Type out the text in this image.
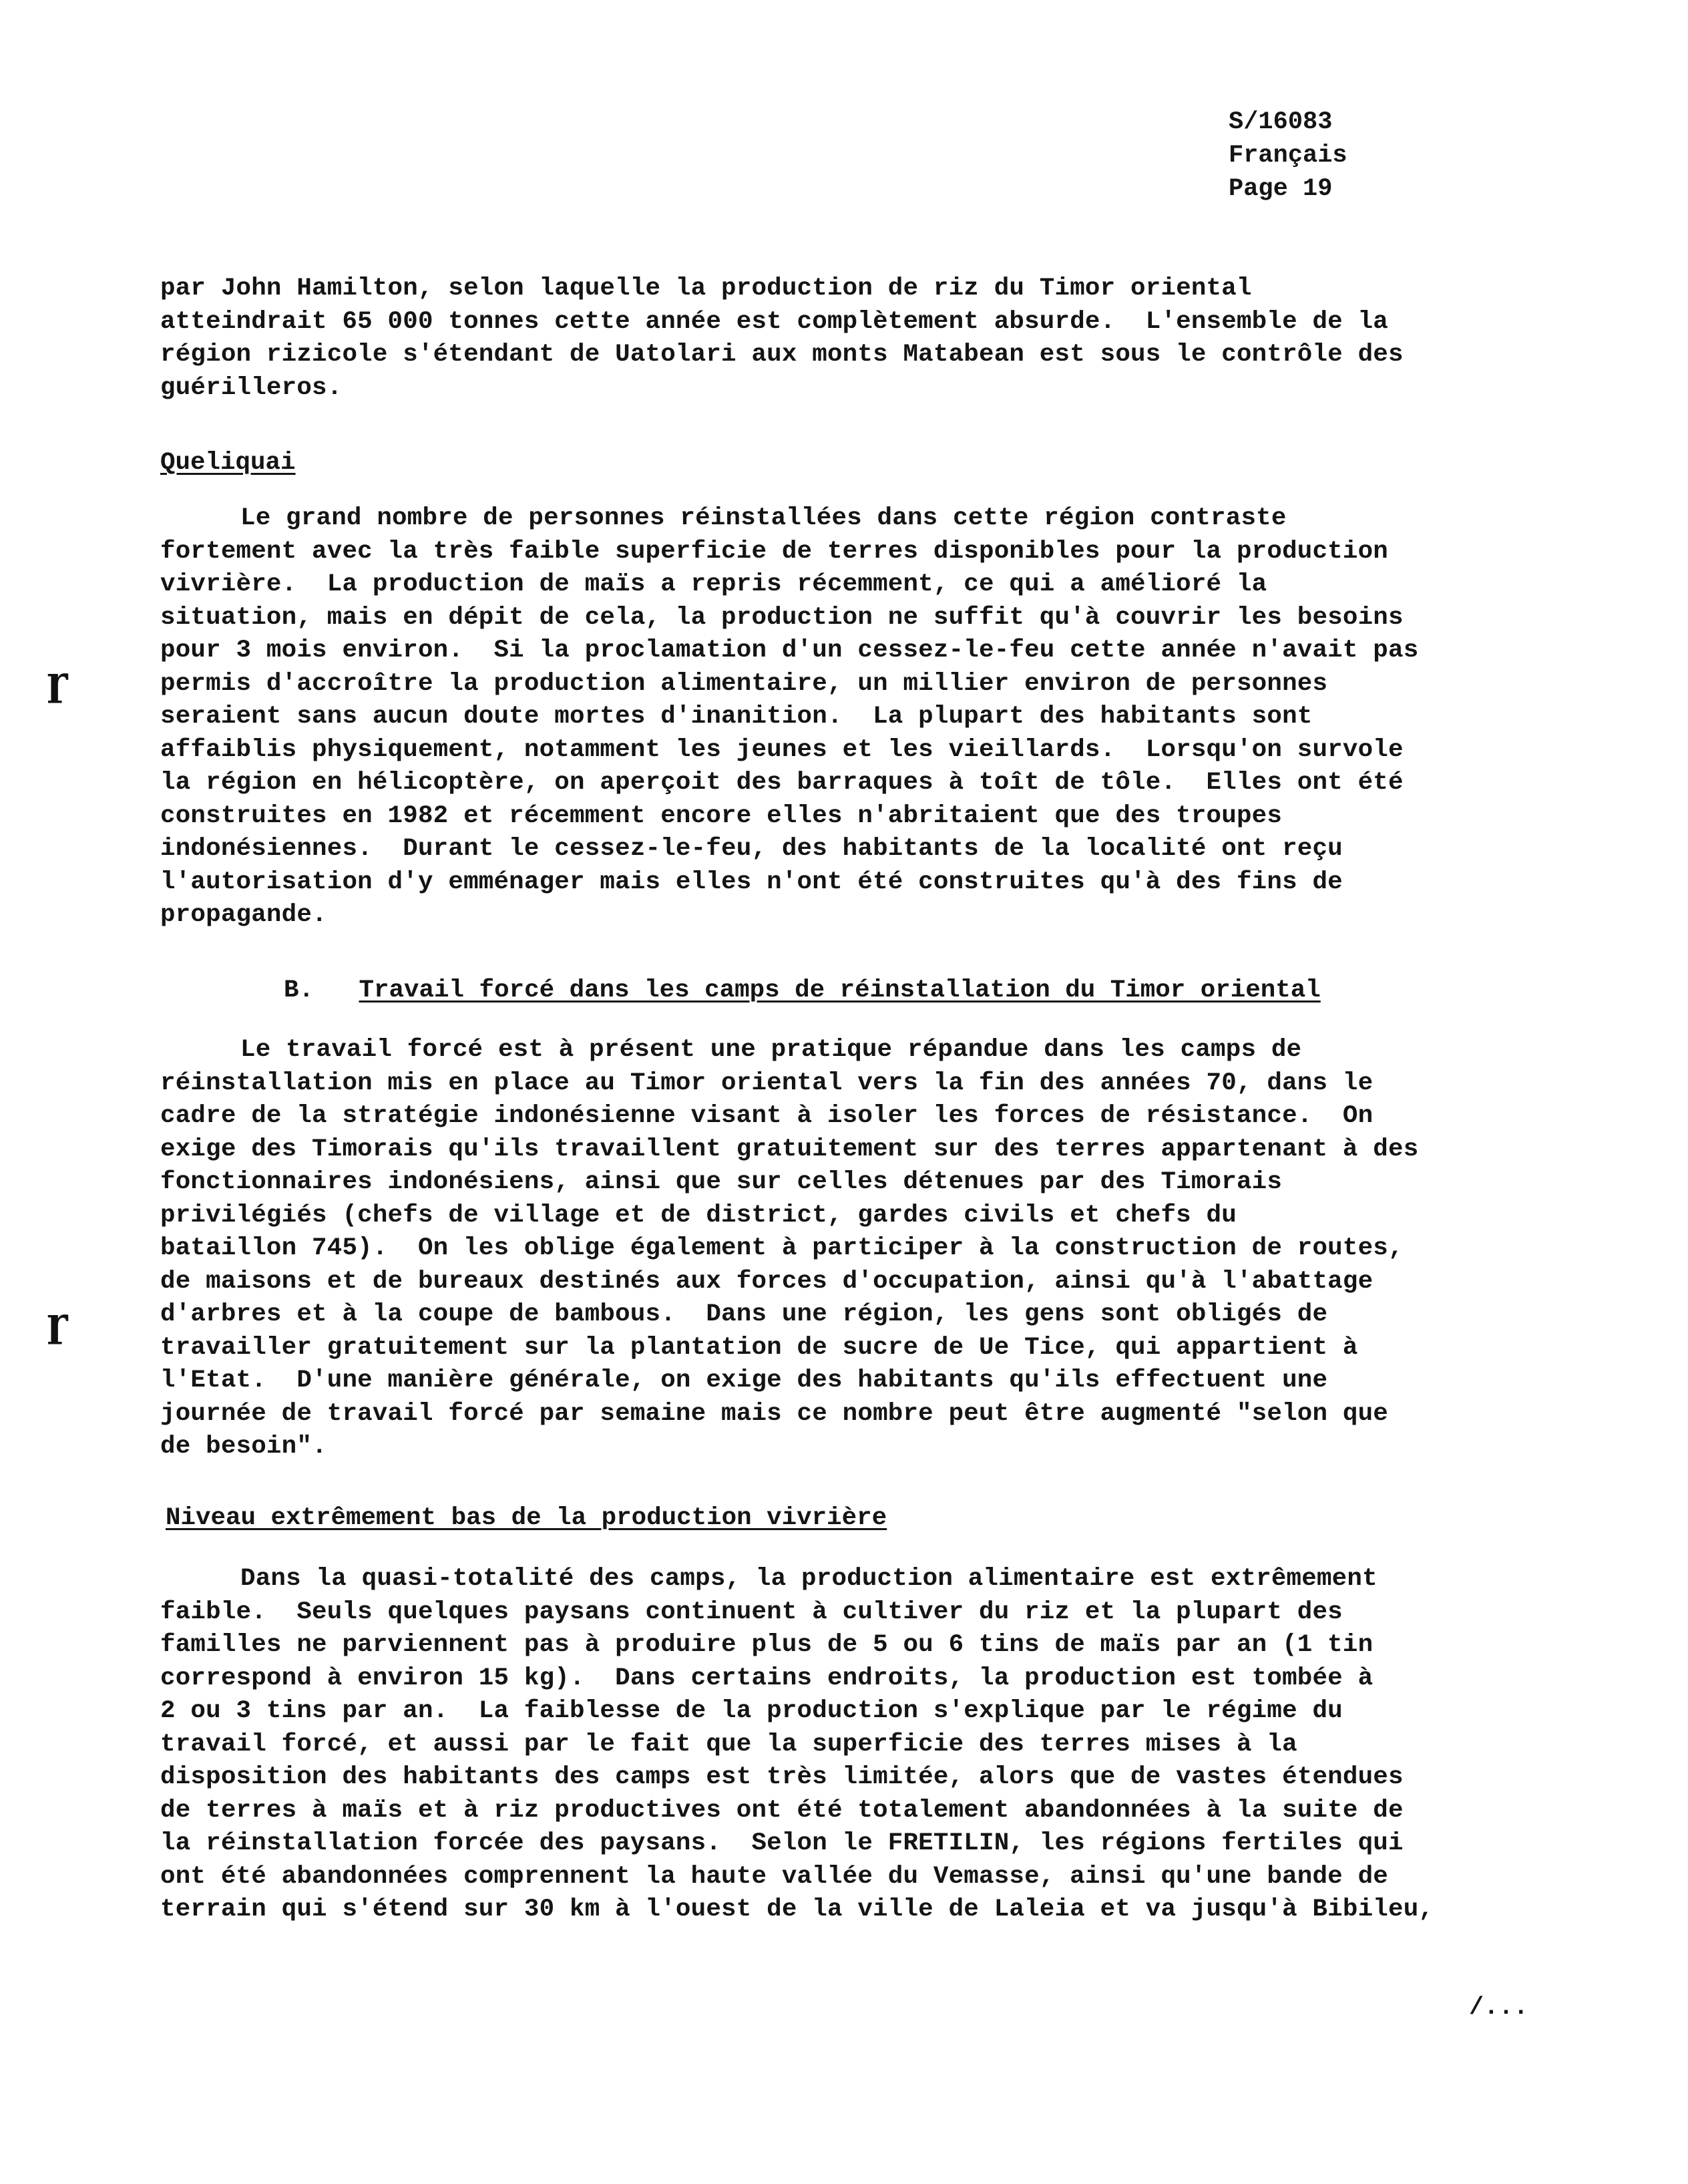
S/16083
Français
Page 19
par John Hamilton, selon laquelle la production de riz du Timor oriental
atteindrait 65 000 tonnes cette année est complètement absurde.  L'ensemble de la
région rizicole s'étendant de Uatolari aux monts Matabean est sous le contrôle des
guérilleros.
Queliquai
Le grand nombre de personnes réinstallées dans cette région contraste
fortement avec la très faible superficie de terres disponibles pour la production
vivrière.  La production de maïs a repris récemment, ce qui a amélioré la
situation, mais en dépit de cela, la production ne suffit qu'à couvrir les besoins
pour 3 mois environ.  Si la proclamation d'un cessez-le-feu cette année n'avait pas
permis d'accroître la production alimentaire, un millier environ de personnes
seraient sans aucun doute mortes d'inanition.  La plupart des habitants sont
affaiblis physiquement, notamment les jeunes et les vieillards.  Lorsqu'on survole
la région en hélicoptère, on aperçoit des barraques à toît de tôle.  Elles ont été
construites en 1982 et récemment encore elles n'abritaient que des troupes
indonésiennes.  Durant le cessez-le-feu, des habitants de la localité ont reçu
l'autorisation d'y emménager mais elles n'ont été construites qu'à des fins de
propagande.
B. Travail forcé dans les camps de réinstallation du Timor oriental
Le travail forcé est à présent une pratique répandue dans les camps de
réinstallation mis en place au Timor oriental vers la fin des années 70, dans le
cadre de la stratégie indonésienne visant à isoler les forces de résistance.  On
exige des Timorais qu'ils travaillent gratuitement sur des terres appartenant à des
fonctionnaires indonésiens, ainsi que sur celles détenues par des Timorais
privilégiés (chefs de village et de district, gardes civils et chefs du
bataillon 745).  On les oblige également à participer à la construction de routes,
de maisons et de bureaux destinés aux forces d'occupation, ainsi qu'à l'abattage
d'arbres et à la coupe de bambous.  Dans une région, les gens sont obligés de
travailler gratuitement sur la plantation de sucre de Ue Tice, qui appartient à
l'Etat.  D'une manière générale, on exige des habitants qu'ils effectuent une
journée de travail forcé par semaine mais ce nombre peut être augmenté "selon que
de besoin".
Niveau extrêmement bas de la production vivrière
Dans la quasi-totalité des camps, la production alimentaire est extrêmement
faible.  Seuls quelques paysans continuent à cultiver du riz et la plupart des
familles ne parviennent pas à produire plus de 5 ou 6 tins de maïs par an (1 tin
correspond à environ 15 kg).  Dans certains endroits, la production est tombée à
2 ou 3 tins par an.  La faiblesse de la production s'explique par le régime du
travail forcé, et aussi par le fait que la superficie des terres mises à la
disposition des habitants des camps est très limitée, alors que de vastes étendues
de terres à maïs et à riz productives ont été totalement abandonnées à la suite de
la réinstallation forcée des paysans.  Selon le FRETILIN, les régions fertiles qui
ont été abandonnées comprennent la haute vallée du Vemasse, ainsi qu'une bande de
terrain qui s'étend sur 30 km à l'ouest de la ville de Laleia et va jusqu'à Bibileu,
ɼ
ɼ
/...
